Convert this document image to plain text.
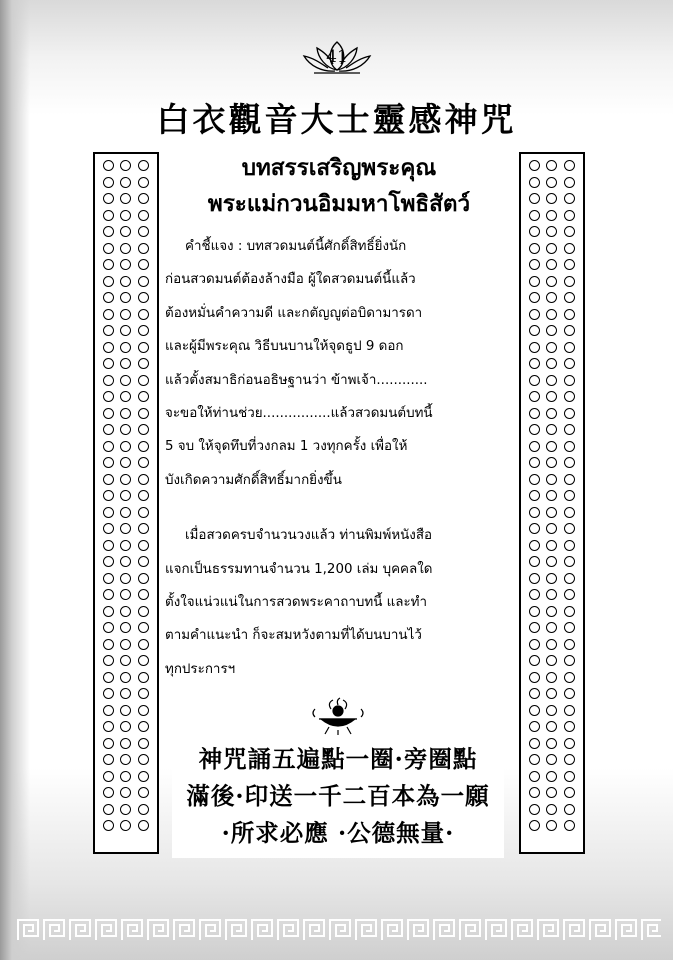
41
白衣觀音大士靈感神咒
บทสรรเสริญพระคุณ
พระแม่กวนอิมมหาโพธิสัตว์
คำชี้แจง : บทสวดมนต์นี้ศักดิ์สิทธิ์ยิ่งนัก
ก่อนสวดมนต์ต้องล้างมือ ผู้ใดสวดมนต์นี้แล้ว
ต้องหมั่นคำความดี และกตัญญูต่อบิดามารดา
และผู้มีพระคุณ วิธีบนบานให้จุดธูป 9 ดอก
แล้วตั้งสมาธิก่อนอธิษฐานว่า ข้าพเจ้า............
จะขอให้ท่านช่วย................แล้วสวดมนต์บทนี้
5 จบ ให้จุดทึบที่วงกลม 1 วงทุกครั้ง เพื่อให้
บังเกิดความศักดิ์สิทธิ์มากยิ่งขึ้น
เมื่อสวดครบจำนวนวงแล้ว ท่านพิมพ์หนังสือ
แจกเป็นธรรมทานจำนวน 1,200 เล่ม บุคคลใด
ตั้งใจแน่วแน่ในการสวดพระคาถาบทนี้ และทำ
ตามคำแนะนำ ก็จะสมหวังตามที่ได้บนบานไว้
ทุกประการฯ
神咒誦五遍點一圈·旁圈點
滿後·印送一千二百本為一願
·所求必應 ·公德無量·
